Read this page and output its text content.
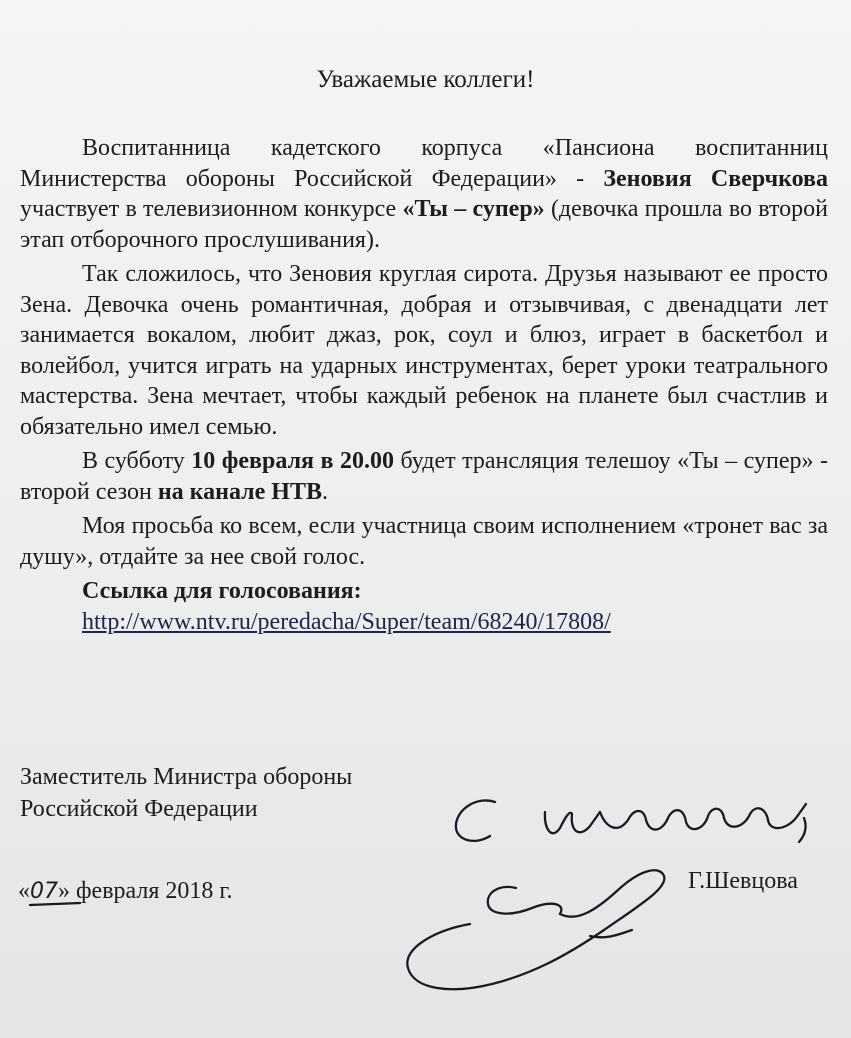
Уважаемые коллеги!

Воспитанница кадетского корпуса «Пансиона воспитанниц Министерства обороны Российской Федерации» - Зеновия Сверчкова участвует в телевизионном конкурсе «Ты – супер» (девочка прошла во второй этап отборочного прослушивания).

Так сложилось, что Зеновия круглая сирота. Друзья называют ее просто Зена. Девочка очень романтичная, добрая и отзывчивая, с двенадцати лет занимается вокалом, любит джаз, рок, соул и блюз, играет в баскетбол и волейбол, учится играть на ударных инструментах, берет уроки театрального мастерства. Зена мечтает, чтобы каждый ребенок на планете был счастлив и обязательно имел семью.

В субботу 10 февраля в 20.00 будет трансляция телешоу «Ты – супер» - второй сезон на канале НТВ.

Моя просьба ко всем, если участница своим исполнением «тронет вас за душу», отдайте за нее свой голос.

Ссылка для голосования:
http://www.ntv.ru/peredacha/Super/team/68240/17808/
Заместитель Министра обороны
Российской Федерации
«07» февраля 2018 г.	Г.Шевцова
